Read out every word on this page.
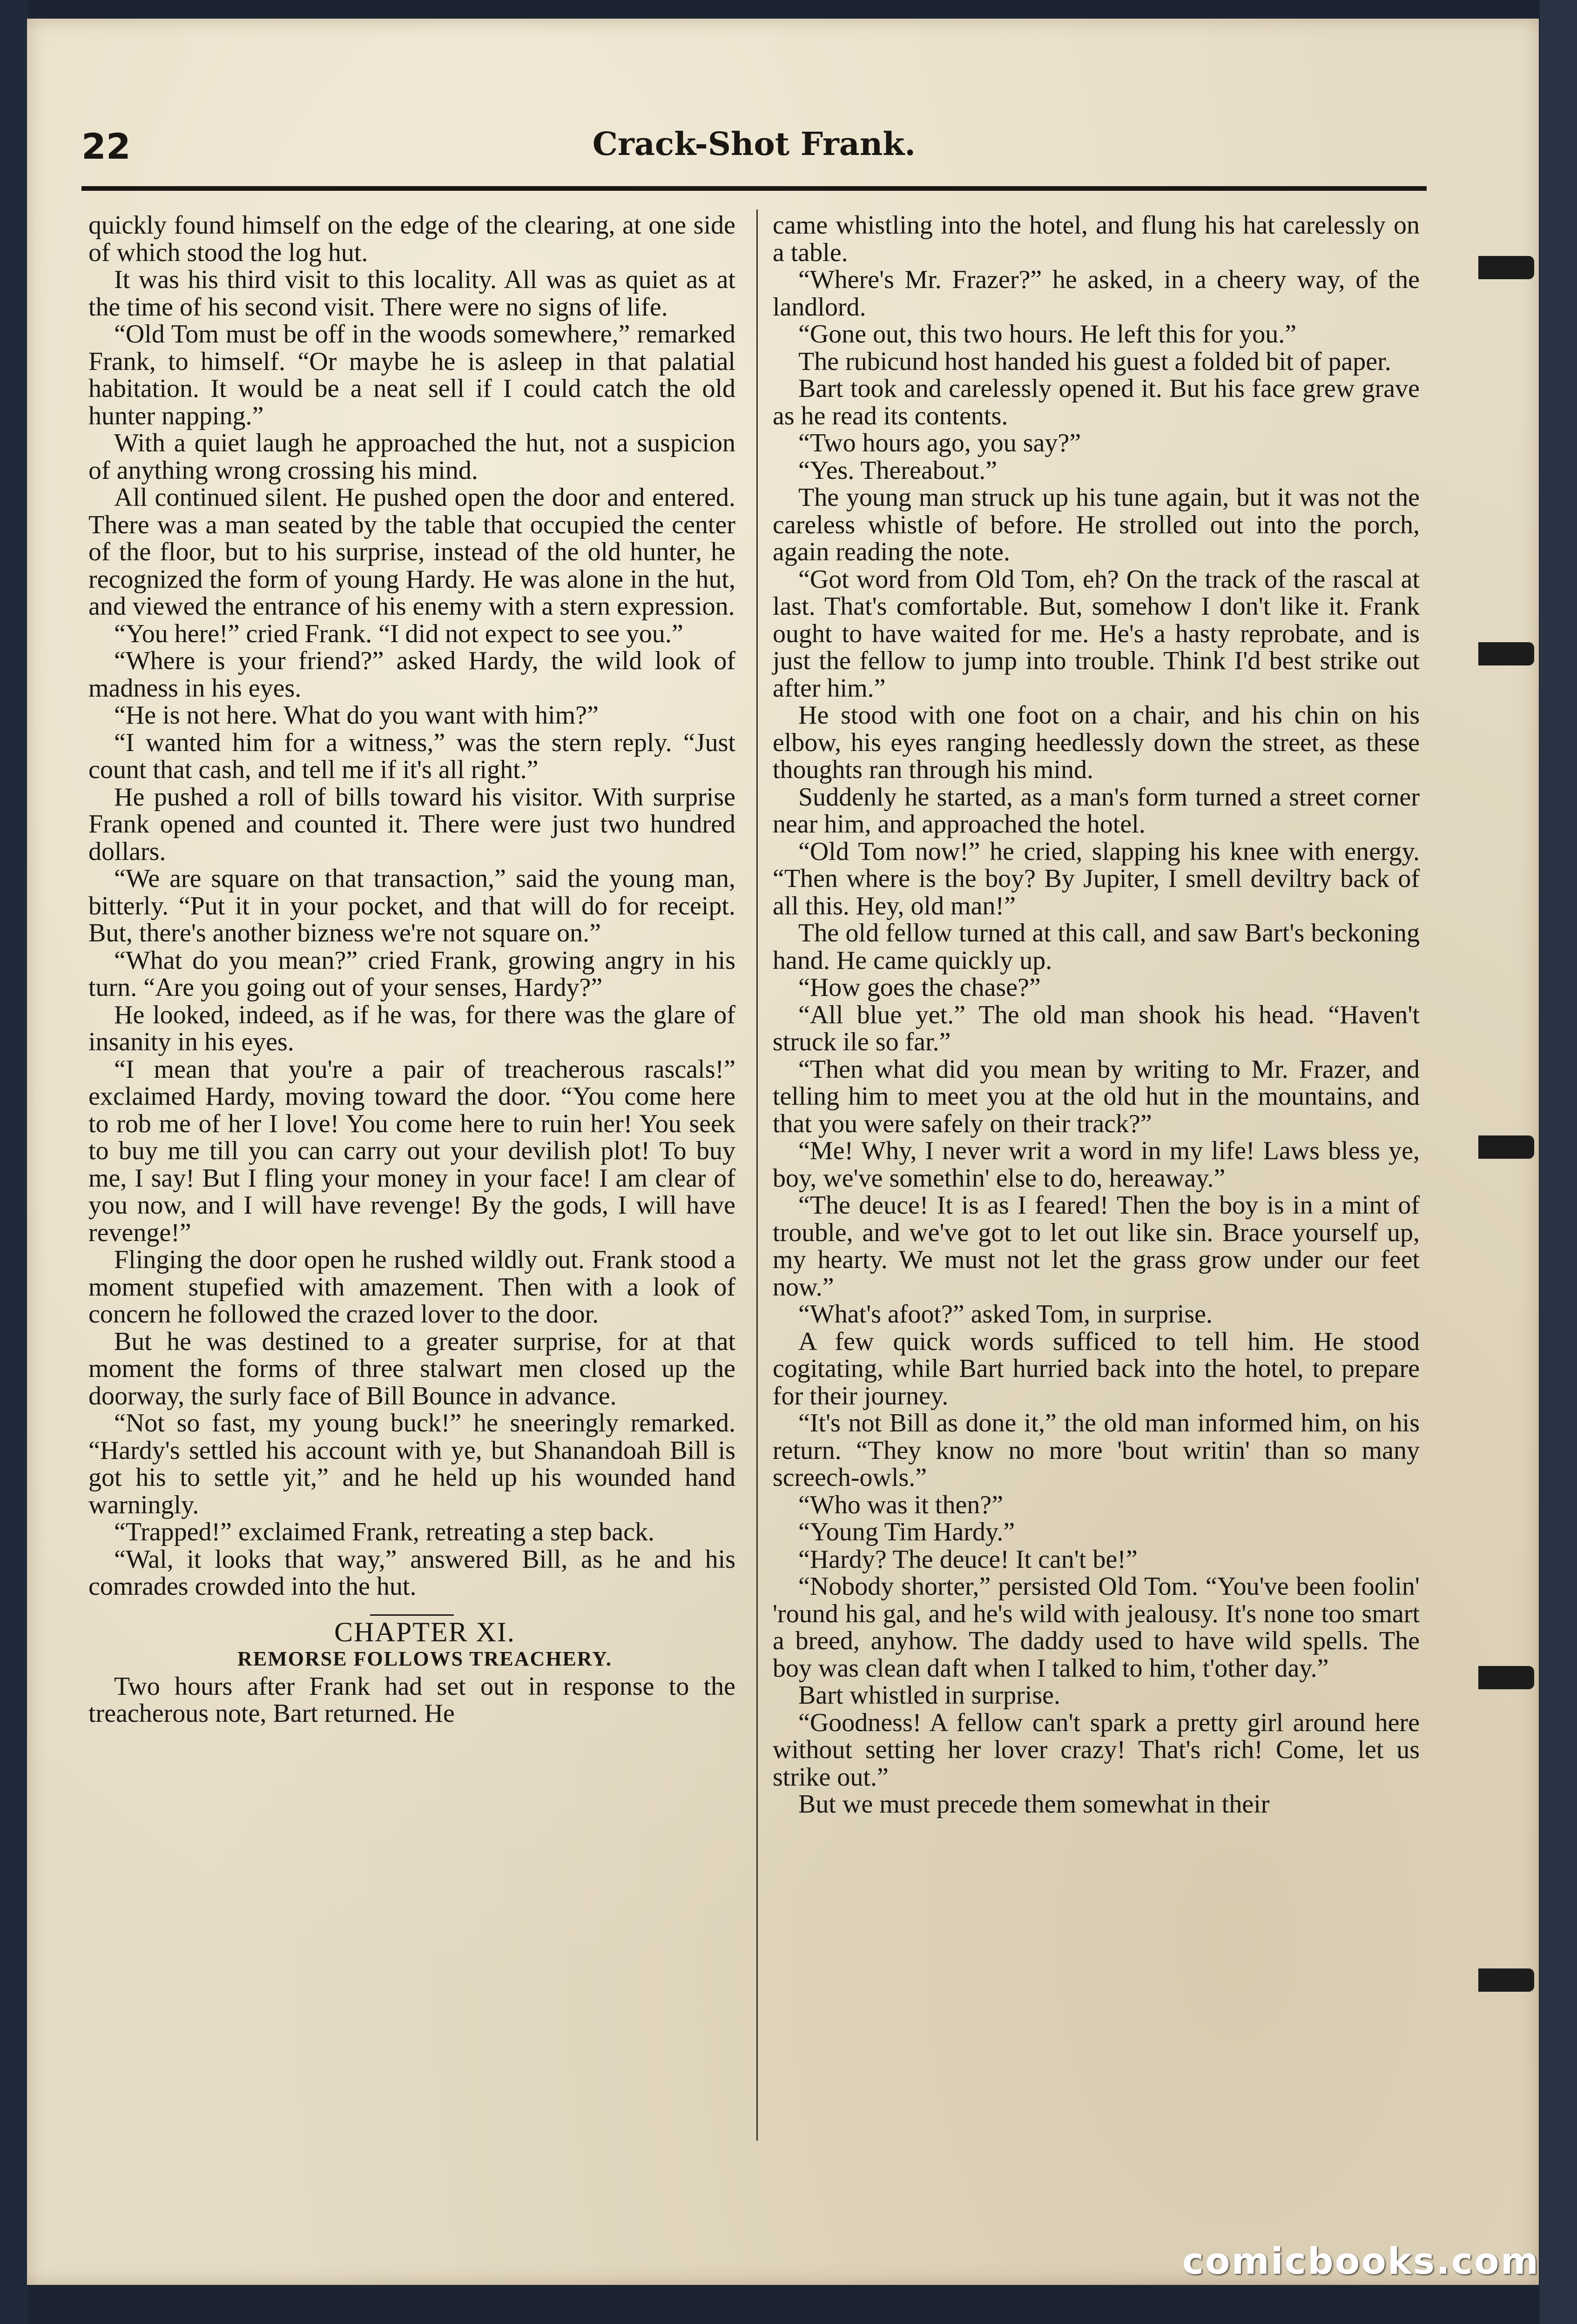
22	Crack-Shot Frank.

quickly found himself on the edge of the clearing, at one side of which stood the log hut.

It was his third visit to this locality. All was as quiet as at the time of his second visit. There were no signs of life.

“Old Tom must be off in the woods somewhere,” remarked Frank, to himself. “Or maybe he is asleep in that palatial habitation. It would be a neat sell if I could catch the old hunter napping.”

With a quiet laugh he approached the hut, not a suspicion of anything wrong crossing his mind.

All continued silent. He pushed open the door and entered. There was a man seated by the table that occupied the center of the floor, but to his surprise, instead of the old hunter, he recognized the form of young Hardy. He was alone in the hut, and viewed the entrance of his enemy with a stern expression.

“You here!” cried Frank. “I did not expect to see you.”

“Where is your friend?” asked Hardy, the wild look of madness in his eyes.

“He is not here. What do you want with him?”

“I wanted him for a witness,” was the stern reply. “Just count that cash, and tell me if it's all right.”

He pushed a roll of bills toward his visitor. With surprise Frank opened and counted it. There were just two hundred dollars.

“We are square on that transaction,” said the young man, bitterly. “Put it in your pocket, and that will do for receipt. But, there's another bizness we're not square on.”

“What do you mean?” cried Frank, growing angry in his turn. “Are you going out of your senses, Hardy?”

He looked, indeed, as if he was, for there was the glare of insanity in his eyes.

“I mean that you're a pair of treacherous rascals!” exclaimed Hardy, moving toward the door. “You come here to rob me of her I love! You come here to ruin her! You seek to buy me till you can carry out your devilish plot! To buy me, I say! But I fling your money in your face! I am clear of you now, and I will have revenge! By the gods, I will have revenge!”

Flinging the door open he rushed wildly out. Frank stood a moment stupefied with amazement. Then with a look of concern he followed the crazed lover to the door.

But he was destined to a greater surprise, for at that moment the forms of three stalwart men closed up the doorway, the surly face of Bill Bounce in advance.

“Not so fast, my young buck!” he sneeringly remarked. “Hardy's settled his account with ye, but Shanandoah Bill is got his to settle yit,” and he held up his wounded hand warningly.

“Trapped!” exclaimed Frank, retreating a step back.

“Wal, it looks that way,” answered Bill, as he and his comrades crowded into the hut.

CHAPTER XI.

REMORSE FOLLOWS TREACHERY.

Two hours after Frank had set out in response to the treacherous note, Bart returned. He

came whistling into the hotel, and flung his hat carelessly on a table.

“Where's Mr. Frazer?” he asked, in a cheery way, of the landlord.

“Gone out, this two hours. He left this for you.”

The rubicund host handed his guest a folded bit of paper.

Bart took and carelessly opened it. But his face grew grave as he read its contents.

“Two hours ago, you say?”

“Yes. Thereabout.”

The young man struck up his tune again, but it was not the careless whistle of before. He strolled out into the porch, again reading the note.

“Got word from Old Tom, eh? On the track of the rascal at last. That's comfortable. But, somehow I don't like it. Frank ought to have waited for me. He's a hasty reprobate, and is just the fellow to jump into trouble. Think I'd best strike out after him.”

He stood with one foot on a chair, and his chin on his elbow, his eyes ranging heedlessly down the street, as these thoughts ran through his mind.

Suddenly he started, as a man's form turned a street corner near him, and approached the hotel.

“Old Tom now!” he cried, slapping his knee with energy. “Then where is the boy? By Jupiter, I smell deviltry back of all this. Hey, old man!”

The old fellow turned at this call, and saw Bart's beckoning hand. He came quickly up.

“How goes the chase?”

“All blue yet.” The old man shook his head. “Haven't struck ile so far.”

“Then what did you mean by writing to Mr. Frazer, and telling him to meet you at the old hut in the mountains, and that you were safely on their track?”

“Me! Why, I never writ a word in my life! Laws bless ye, boy, we've somethin' else to do, hereaway.”

“The deuce! It is as I feared! Then the boy is in a mint of trouble, and we've got to let out like sin. Brace yourself up, my hearty. We must not let the grass grow under our feet now.”

“What's afoot?” asked Tom, in surprise.

A few quick words sufficed to tell him. He stood cogitating, while Bart hurried back into the hotel, to prepare for their journey.

“It's not Bill as done it,” the old man informed him, on his return. “They know no more 'bout writin' than so many screech-owls.”

“Who was it then?”

“Young Tim Hardy.”

“Hardy? The deuce! It can't be!”

“Nobody shorter,” persisted Old Tom. “You've been foolin' 'round his gal, and he's wild with jealousy. It's none too smart a breed, anyhow. The daddy used to have wild spells. The boy was clean daft when I talked to him, t'other day.”

Bart whistled in surprise.

“Goodness! A fellow can't spark a pretty girl around here without setting her lover crazy! That's rich! Come, let us strike out.”

But we must precede them somewhat in their

comicbooks.com
